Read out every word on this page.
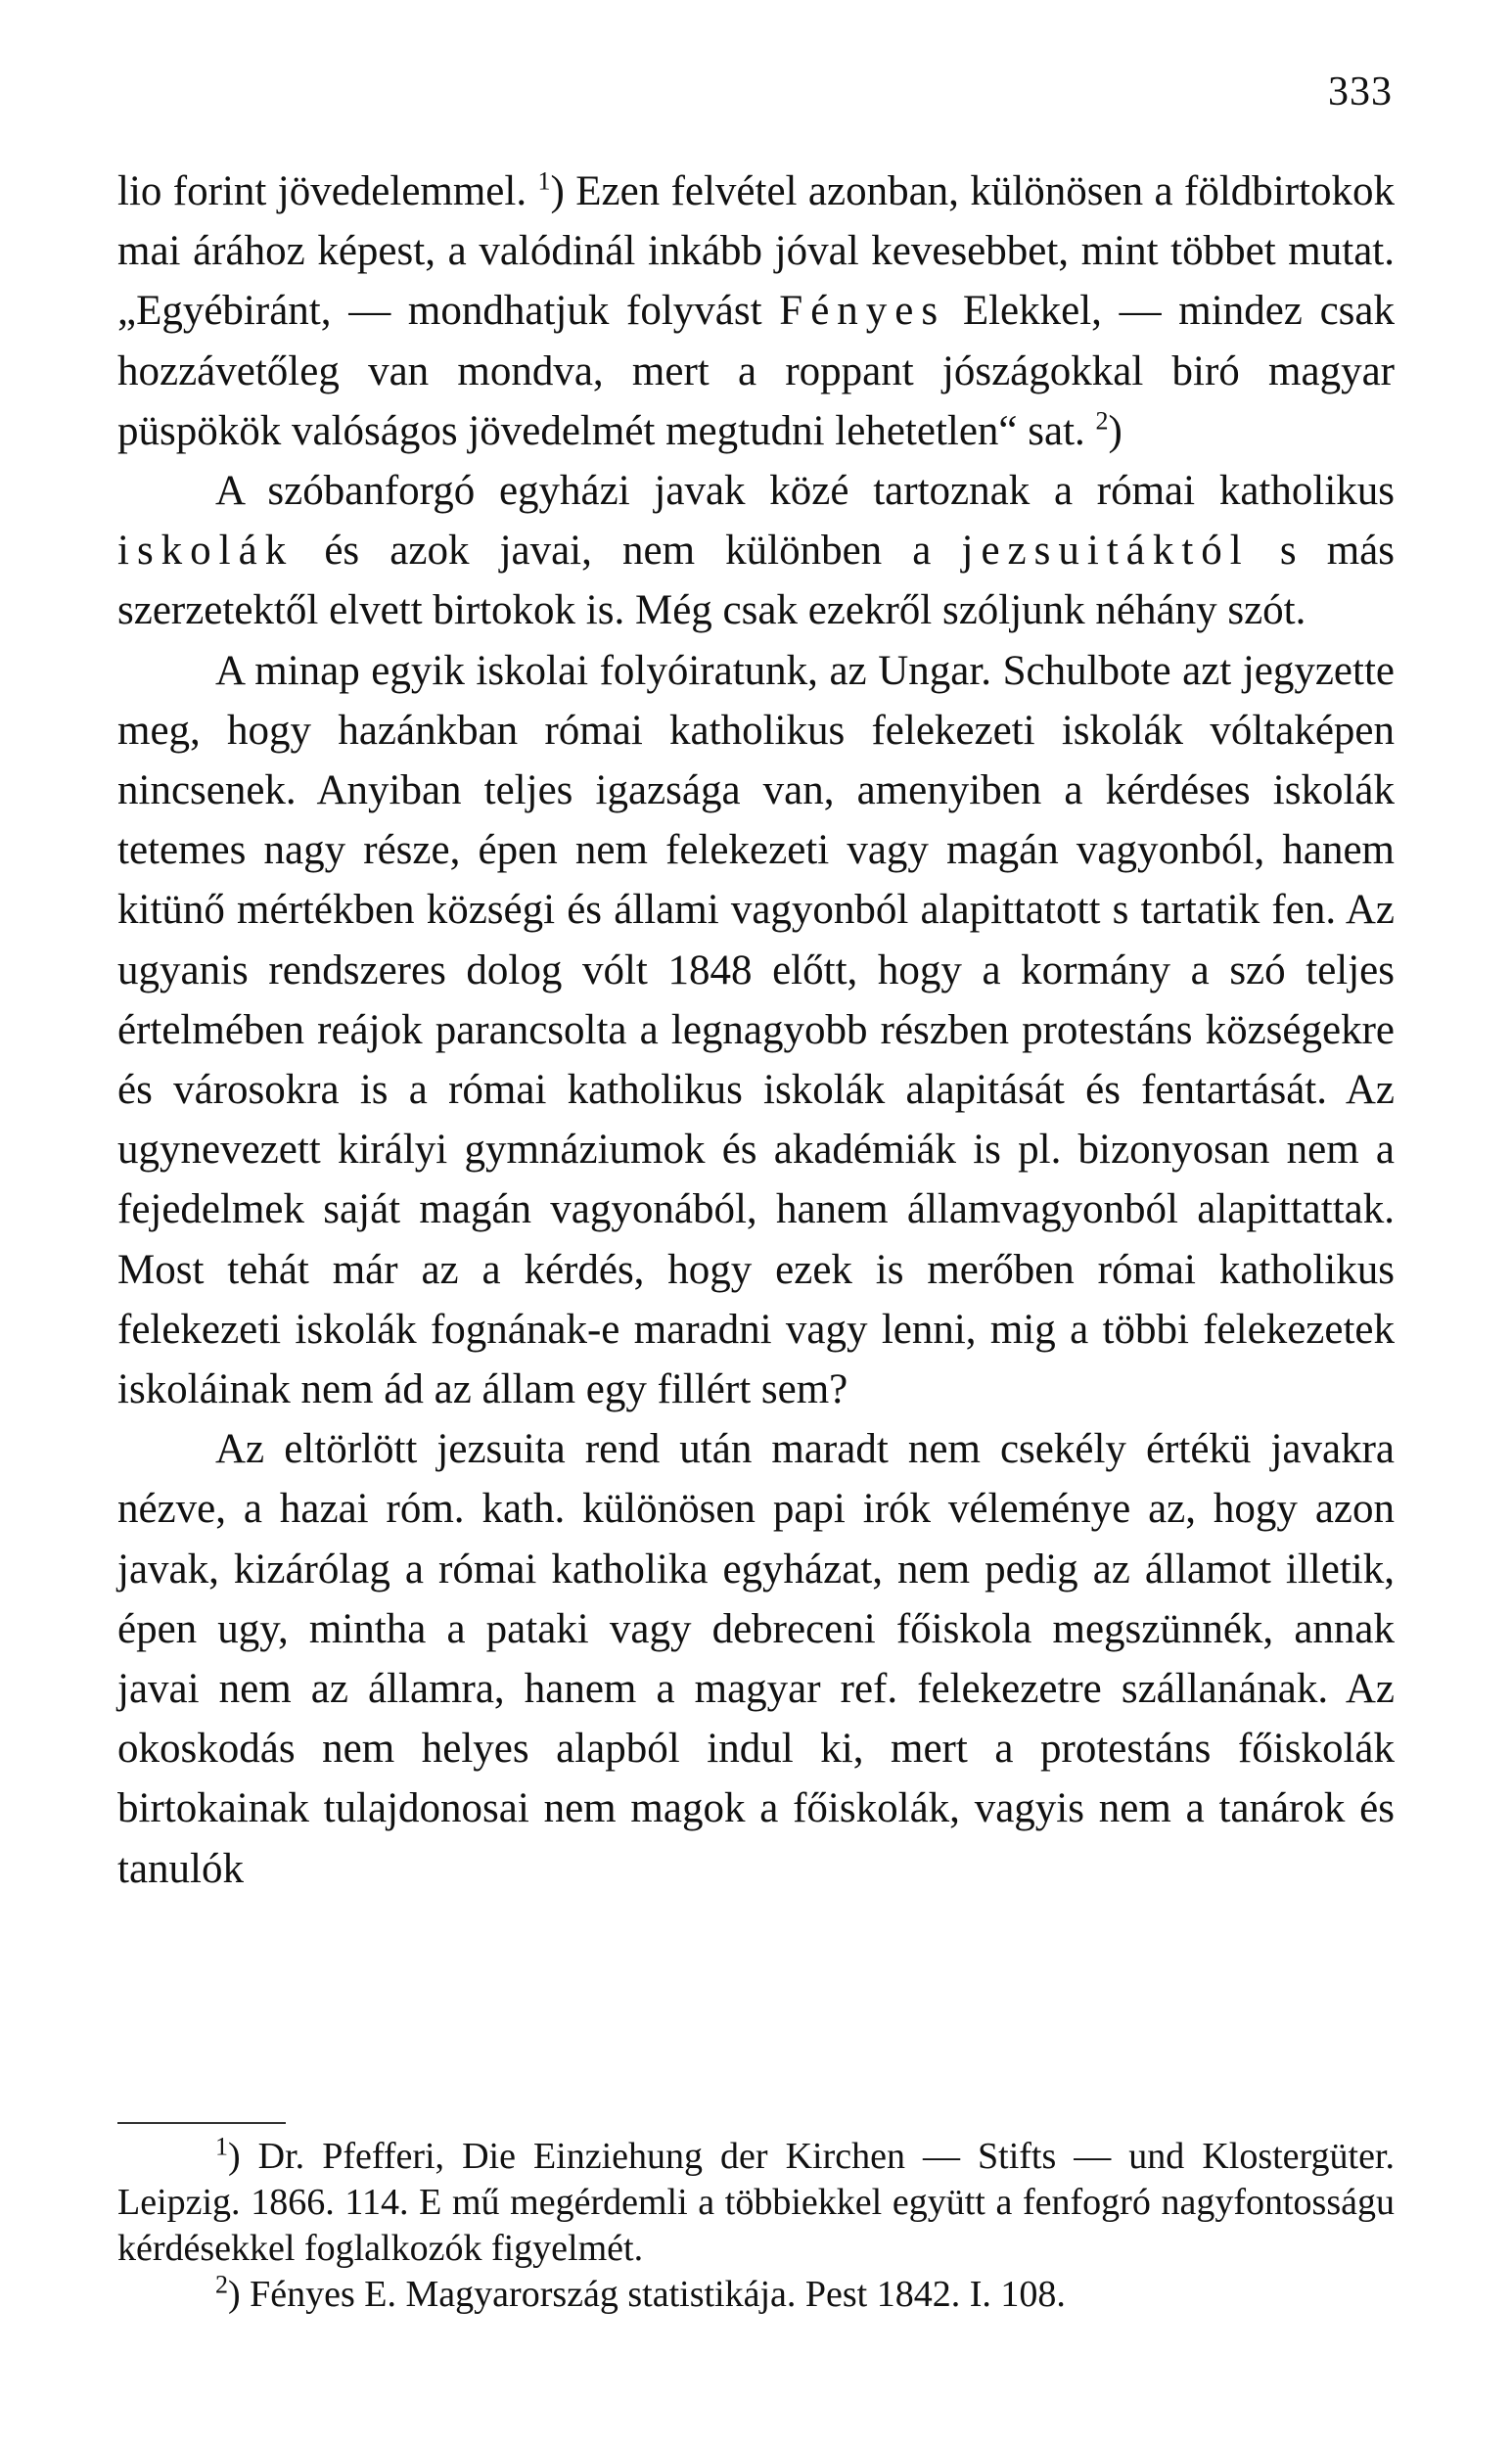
333

lio forint jövedelemmel. $^1$) Ezen felvétel azonban, különösen a földbirtokok mai árához képest, a valódinál inkább jóval kevesebbet, mint többet mutat. „Egyébiránt, — mondhatjuk folyvást Fényes Elekkel, — mindez csak hozzávetőleg van mondva, mert a roppant jószágokkal biró magyar püspökök valóságos jövedelmét megtudni lehetetlen“ sat. $^2$)

A szóbanforgó egyházi javak közé tartoznak a római katholikus iskolák és azok javai, nem különben a jezsuitáktól s más szerzetektől elvett birtokok is. Még csak ezekről szóljunk néhány szót.

A minap egyik iskolai folyóiratunk, az Ungar. Schulbote azt jegyzette meg, hogy hazánkban római katholikus felekezeti iskolák vóltaképen nincsenek. Anyiban teljes igazsága van, amenyiben a kérdéses iskolák tetemes nagy része, épen nem felekezeti vagy magán vagyonból, hanem kitünő mértékben községi és állami vagyonból alapittatott s tartatik fen. Az ugyanis rendszeres dolog vólt 1848 előtt, hogy a kormány a szó teljes értelmében reájok parancsolta a legnagyobb részben protestáns községekre és városokra is a római katholikus iskolák alapitását és fentartását. Az ugynevezett királyi gymnáziumok és akadémiák is pl. bizonyosan nem a fejedelmek saját magán vagyonából, hanem államvagyonból alapittattak. Most tehát már az a kérdés, hogy ezek is merőben római katholikus felekezeti iskolák fognának-e maradni vagy lenni, mig a többi felekezetek iskoláinak nem ád az állam egy fillért sem?

Az eltörlött jezsuita rend után maradt nem csekély értékü javakra nézve, a hazai róm. kath. különösen papi irók véleménye az, hogy azon javak, kizárólag a római katholika egyházat, nem pedig az államot illetik, épen ugy, mintha a pataki vagy debreceni főiskola megszünnék, annak javai nem az államra, hanem a magyar ref. felekezetre szállanának. Az okoskodás nem helyes alapból indul ki, mert a protestáns főiskolák birtokainak tulajdonosai nem magok a főiskolák, vagyis nem a tanárok és tanulók

$^1$) Dr. Pfefferi, Die Einziehung der Kirchen — Stifts — und Klostergüter. Leipzig. 1866. 114. E mű megérdemli a többiekkel együtt a fenfogró nagyfontosságu kérdésekkel foglalkozók figyelmét.

$^2$) Fényes E. Magyarország statistikája. Pest 1842. I. 108.
